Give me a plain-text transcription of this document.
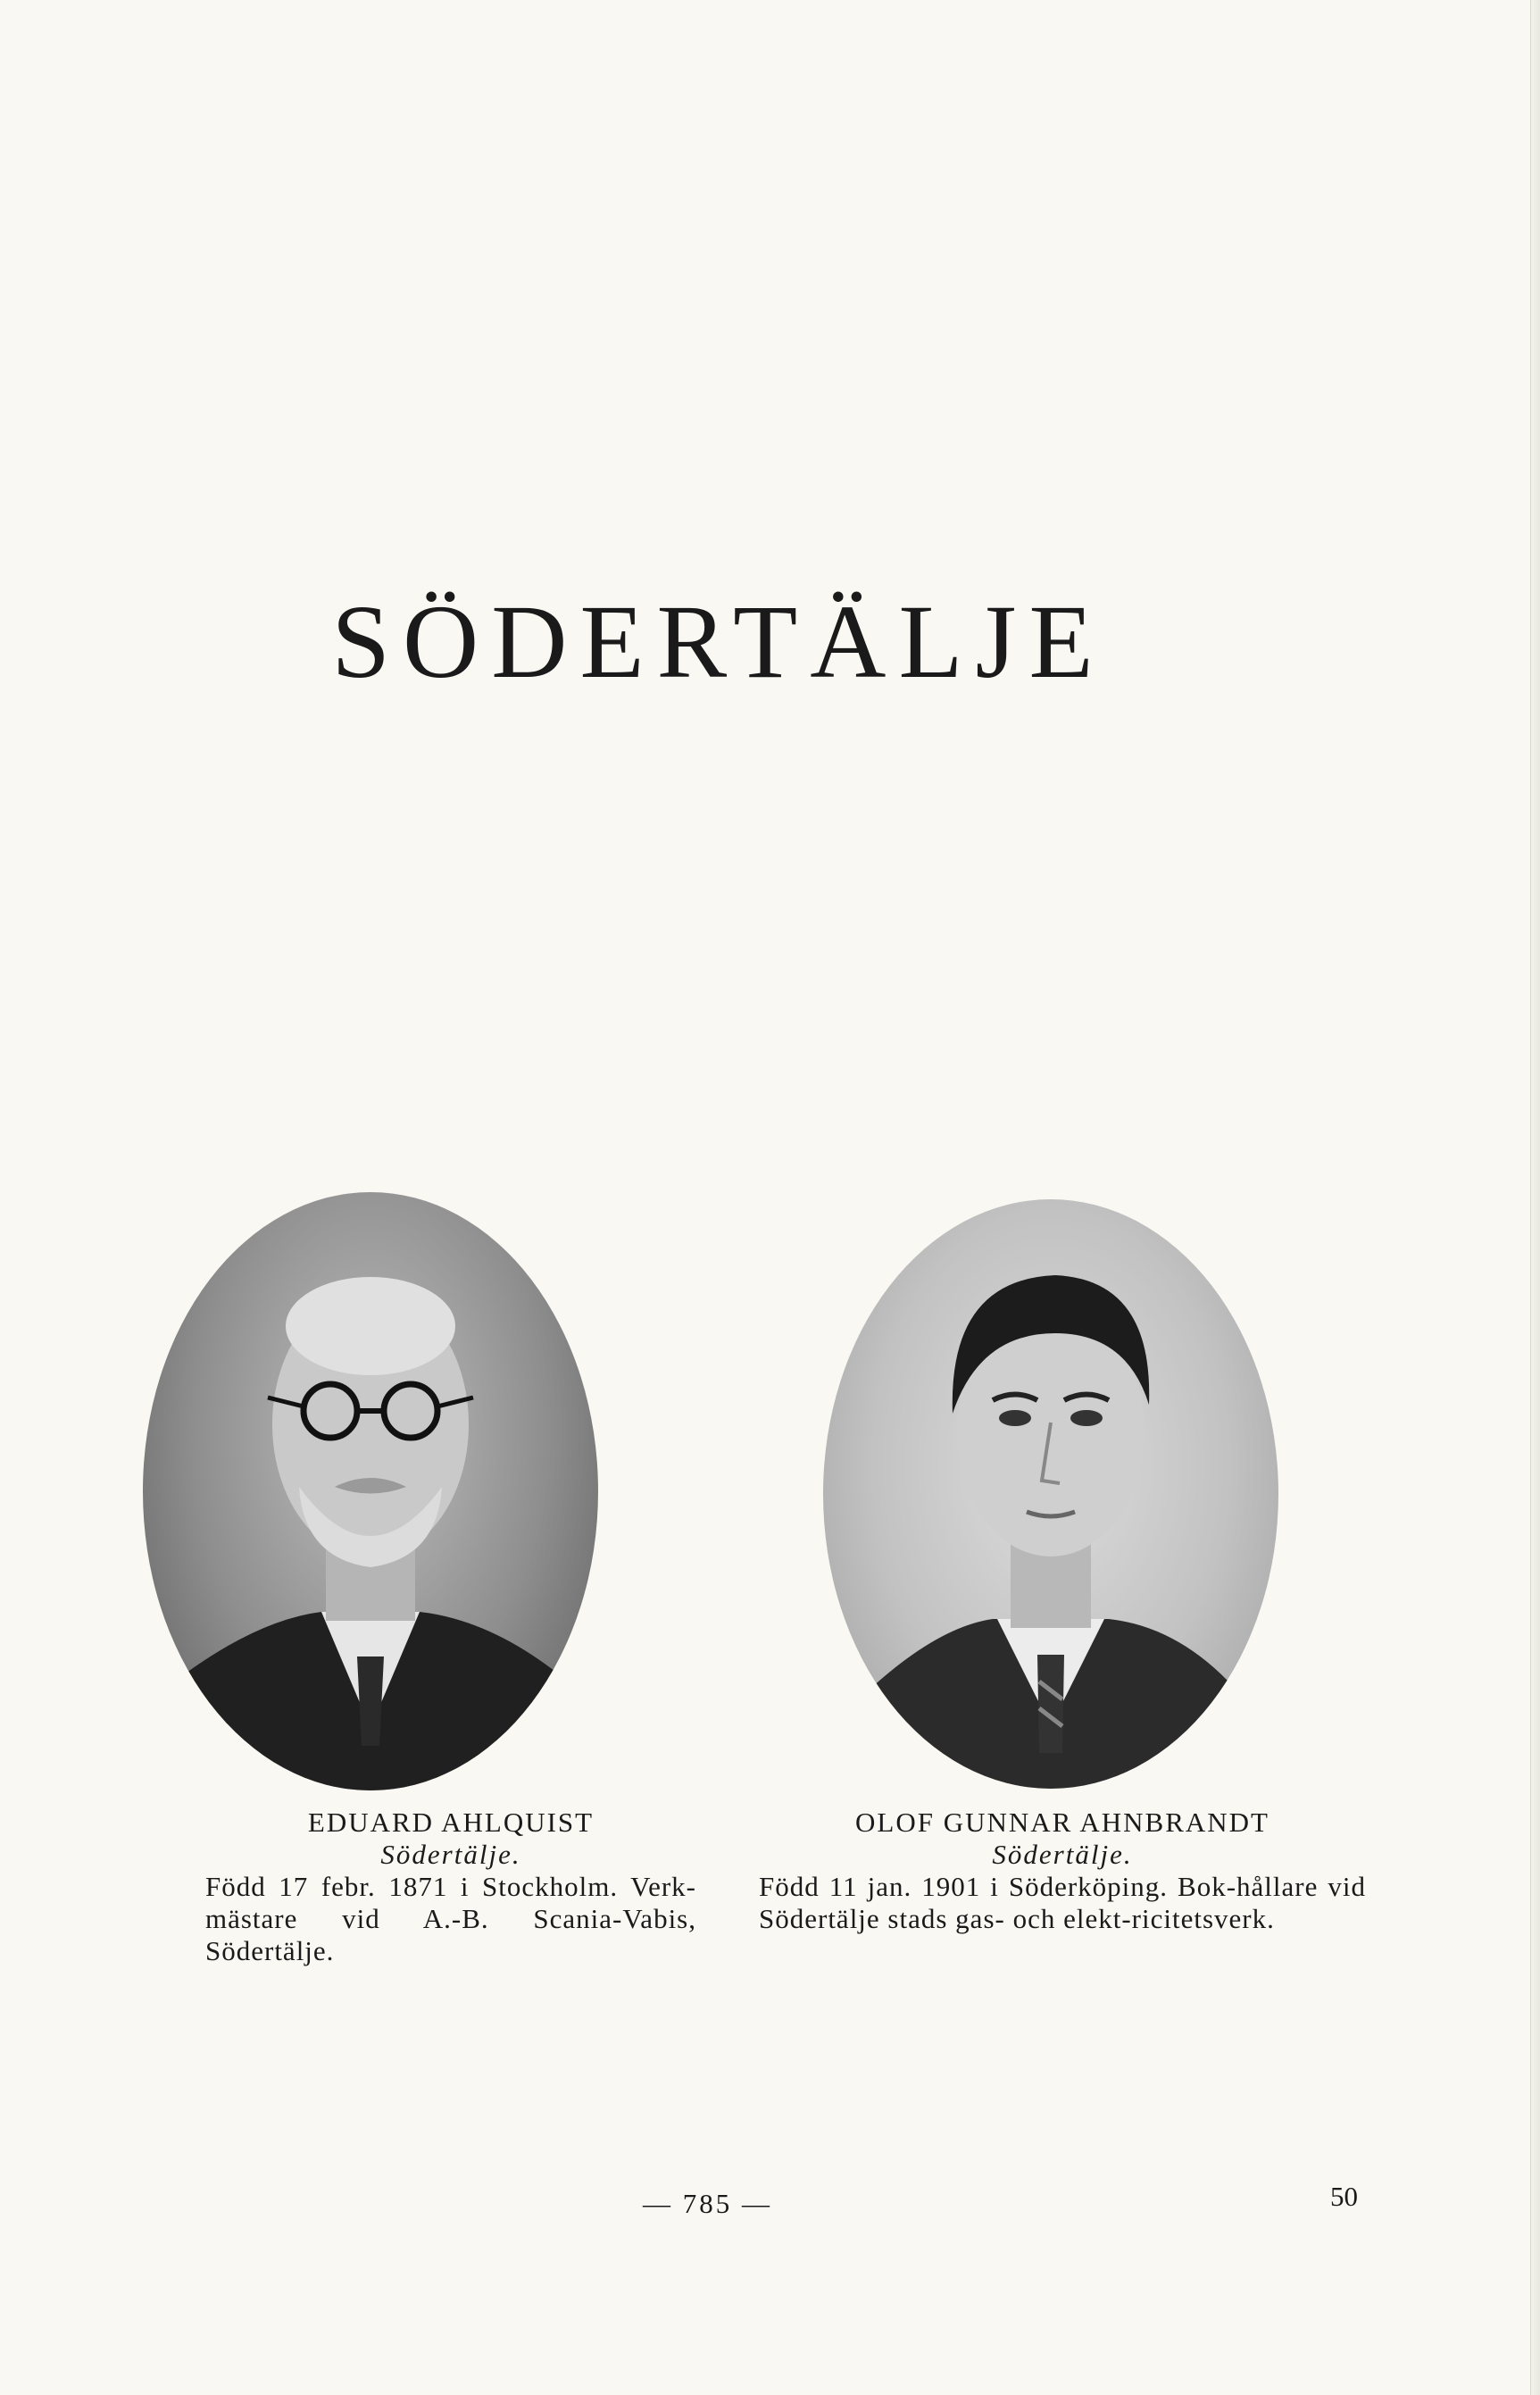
SÖDERTÄLJE
EDUARD AHLQUIST
Södertälje.
Född 17 febr. 1871 i Stockholm. Verk-mästare vid A.-B. Scania-Vabis, Södertälje.
OLOF GUNNAR AHNBRANDT
Södertälje.
Född 11 jan. 1901 i Söderköping. Bok-hållare vid Södertälje stads gas- och elekt-ricitetsverk.
— 785 —	50
